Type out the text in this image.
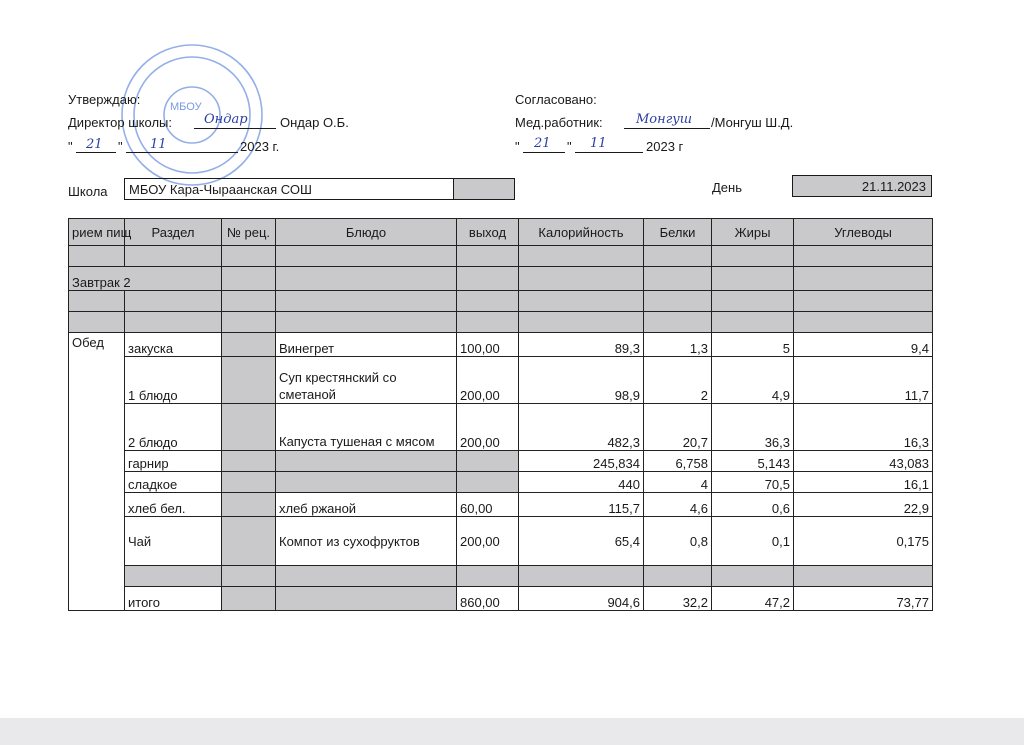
МБОУ
Утверждаю:
Директор школы: Ондар Ондар О.Б.
" 21 " 11	2023 г.
Согласовано:
Мед.работник:	Монгуш /Монгуш Ш.Д.
" 21 " 11	2023 г
Школа	МБОУ Кара-Чыраанская СОШ	День	21.11.2023
рием пищ	Раздел	№ рец.	Блюдо	выход	Калорийность	Белки	Жиры	Углеводы

Завтрак 2								

Обед	закуска		Винегрет	100,00	89,3	1,3	5	9,4
	1 блюдо		Суп крестянский со сметаной	200,00	98,9	2	4,9	11,7
	2 блюдо		Капуста тушеная с мясом	200,00	482,3	20,7	36,3	16,3
	гарнир				245,834	6,758	5,143	43,083
	сладкое				440	4	70,5	16,1
	хлеб бел.		хлеб ржаной	60,00	115,7	4,6	0,6	22,9
	Чай		Компот из сухофруктов	200,00	65,4	0,8	0,1	0,175

	итого			860,00	904,6	32,2	47,2	73,77
